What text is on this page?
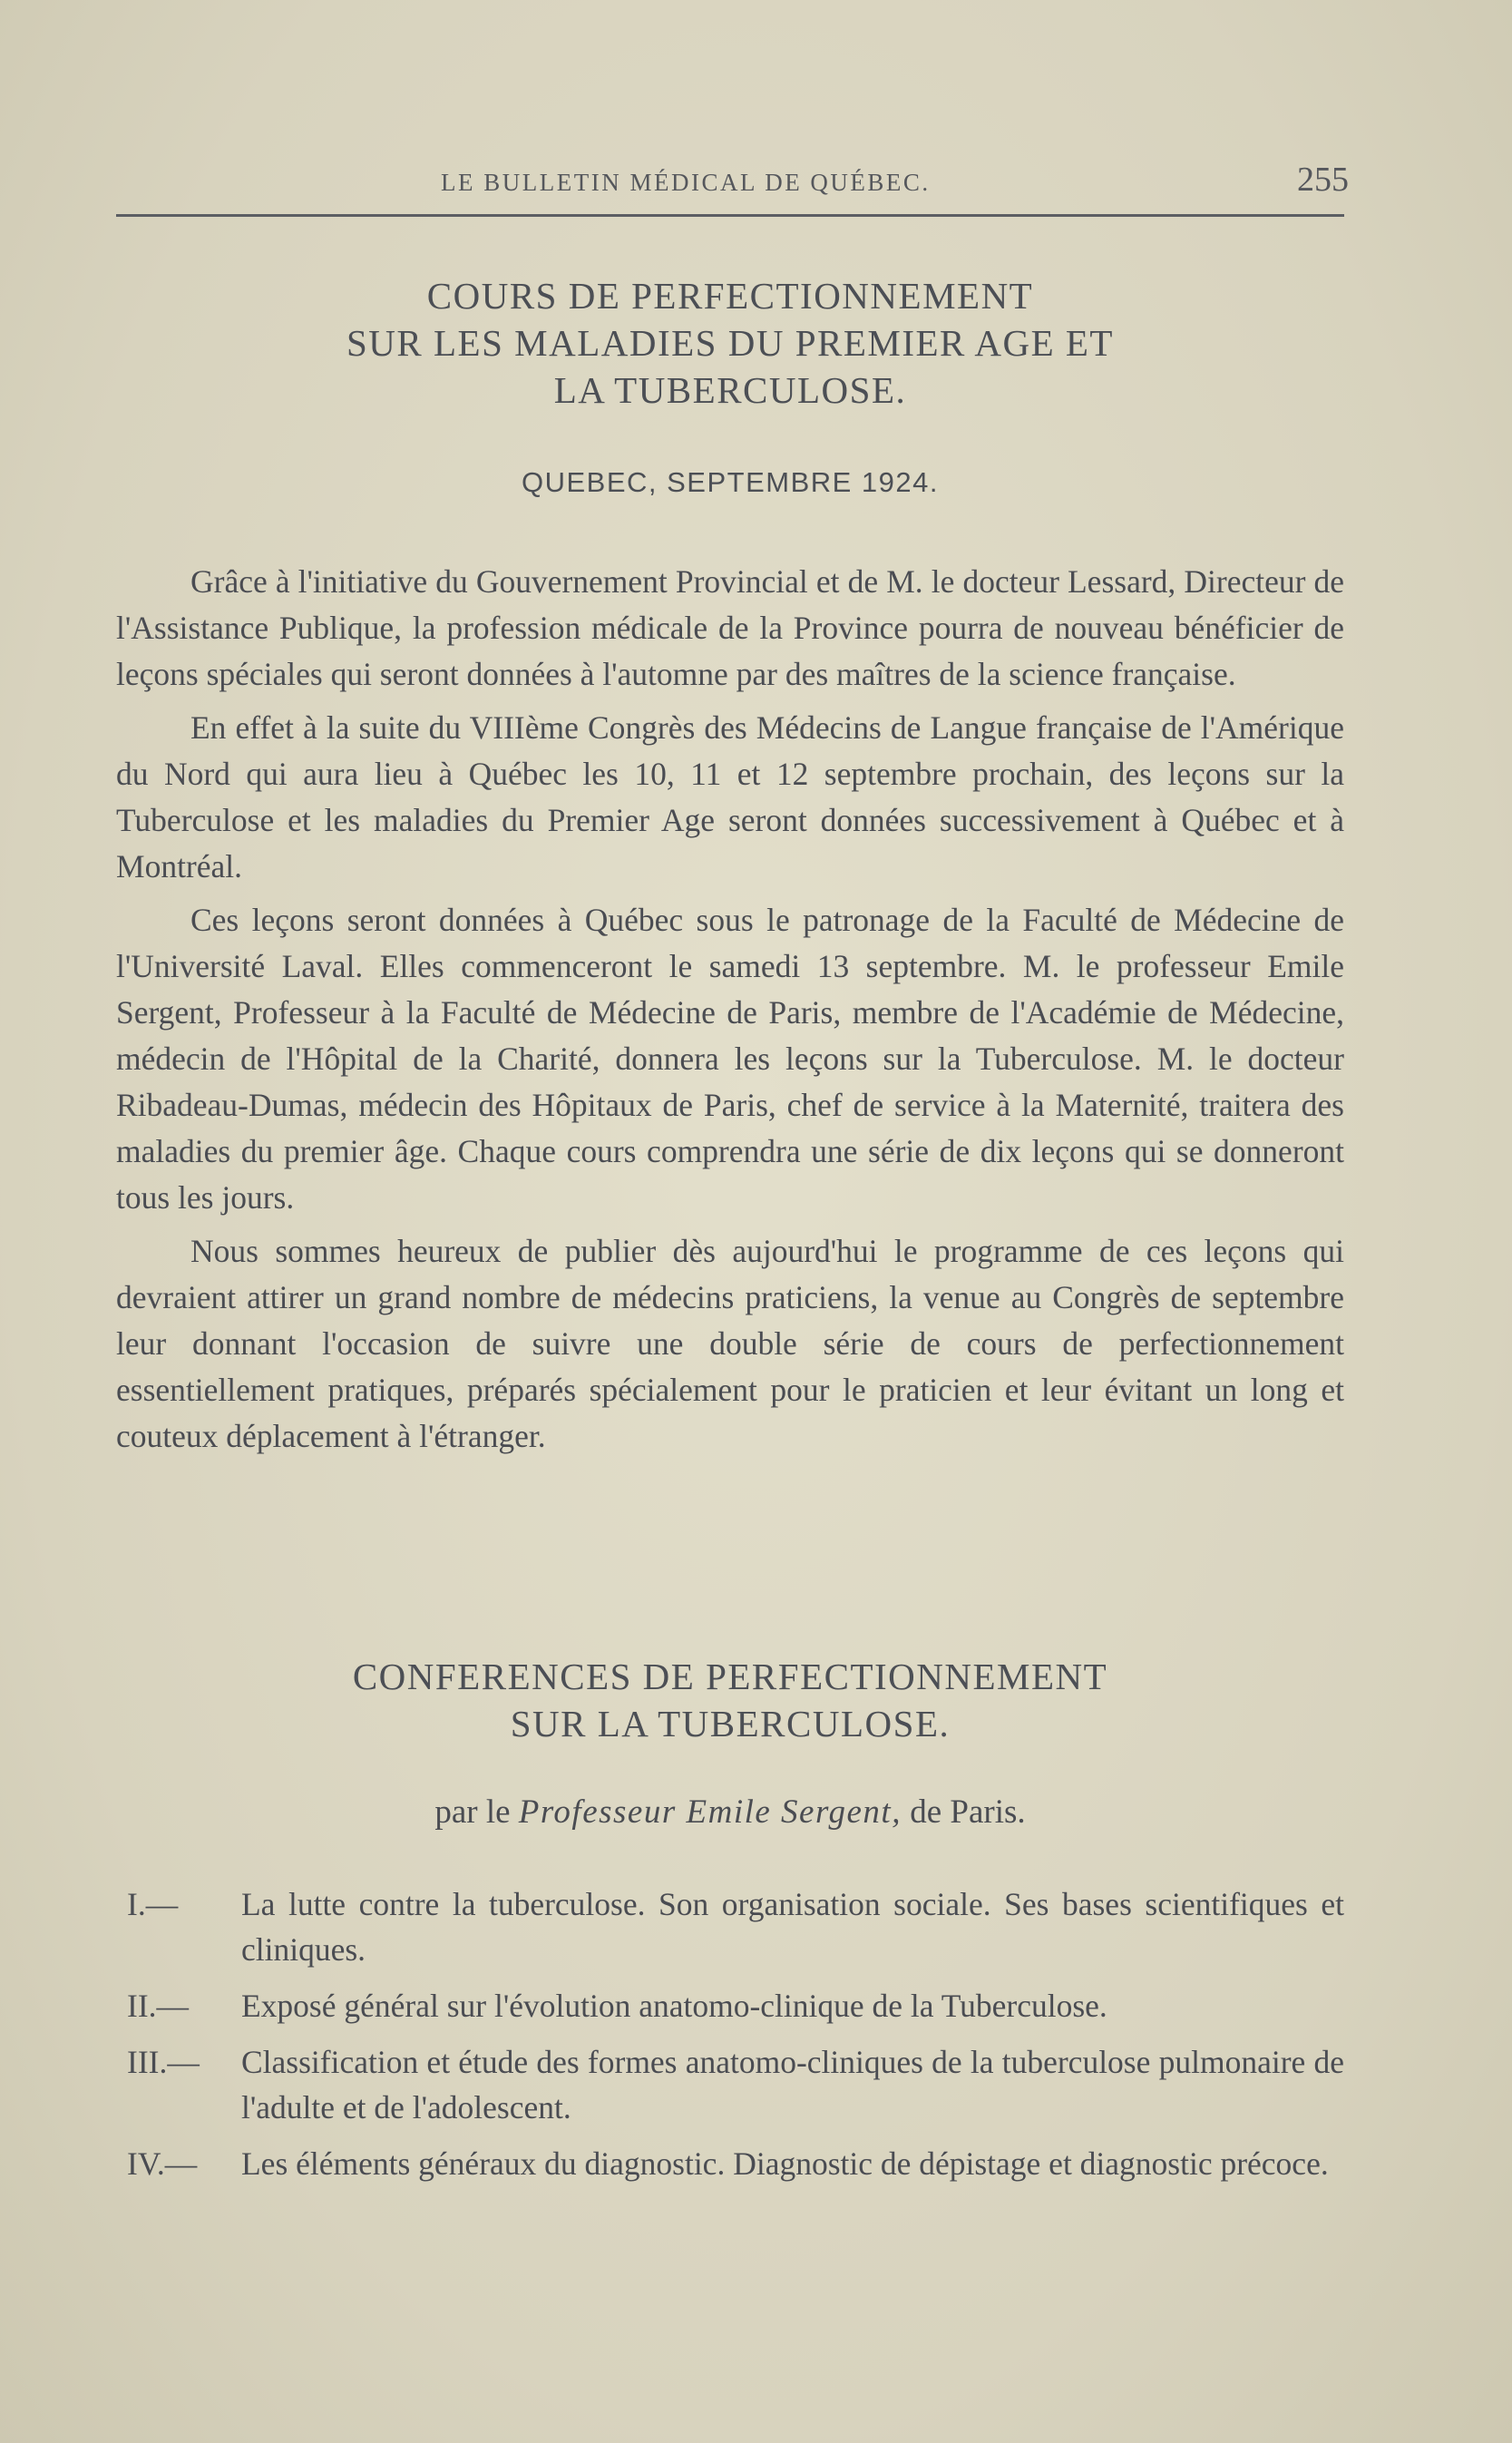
LE BULLETIN MÉDICAL DE QUÉBEC.	255
COURS DE PERFECTIONNEMENT
SUR LES MALADIES DU PREMIER AGE ET
LA TUBERCULOSE.
QUEBEC, SEPTEMBRE 1924.

Grâce à l'initiative du Gouvernement Provincial et de M. le docteur Lessard, Directeur de l'Assistance Publique, la profession médicale de la Province pourra de nouveau bénéficier de leçons spéciales qui seront données à l'automne par des maîtres de la science française.

En effet à la suite du VIIIème Congrès des Médecins de Langue française de l'Amérique du Nord qui aura lieu à Québec les 10, 11 et 12 septembre prochain, des leçons sur la Tuberculose et les maladies du Premier Age seront données successivement à Québec et à Montréal.

Ces leçons seront données à Québec sous le patronage de la Faculté de Médecine de l'Université Laval. Elles commenceront le samedi 13 septembre. M. le professeur Emile Sergent, Professeur à la Faculté de Médecine de Paris, membre de l'Académie de Médecine, médecin de l'Hôpital de la Charité, donnera les leçons sur la Tuberculose. M. le docteur Ribadeau-Dumas, médecin des Hôpitaux de Paris, chef de service à la Maternité, traitera des maladies du premier âge. Chaque cours comprendra une série de dix leçons qui se donneront tous les jours.

Nous sommes heureux de publier dès aujourd'hui le programme de ces leçons qui devraient attirer un grand nombre de médecins praticiens, la venue au Congrès de septembre leur donnant l'occasion de suivre une double série de cours de perfectionnement essentiellement pratiques, préparés spécialement pour le praticien et leur évitant un long et couteux déplacement à l'étranger.

CONFERENCES DE PERFECTIONNEMENT
SUR LA TUBERCULOSE.
par le Professeur Emile Sergent, de Paris.
I.—	La lutte contre la tuberculose. Son organisation sociale. Ses bases scientifiques et cliniques.
II.—	Exposé général sur l'évolution anatomo-clinique de la Tuberculose.
III.—	Classification et étude des formes anatomo-cliniques de la tuberculose pulmonaire de l'adulte et de l'adolescent.
IV.—	Les éléments généraux du diagnostic. Diagnostic de dépistage et diagnostic précoce.
